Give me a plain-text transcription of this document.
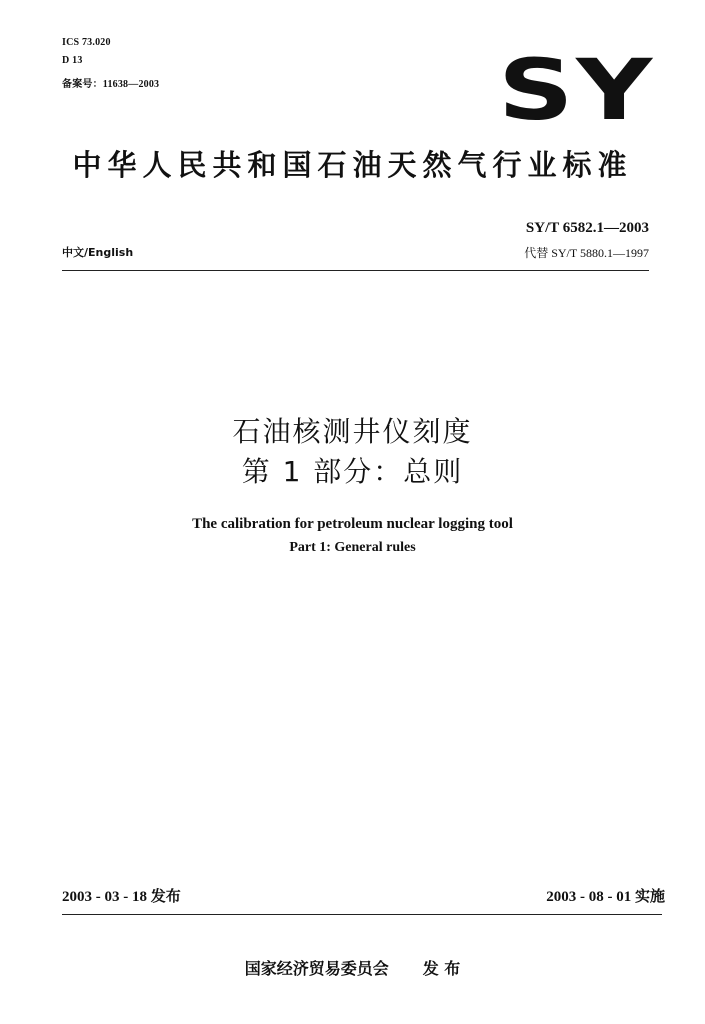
ICS 73.020
D 13
备案号：11638—2003	SY
中华人民共和国石油天然气行业标准
SY/T 6582.1—2003
中文/English	代替 SY/T 5880.1—1997
石油核测井仪刻度
第 1 部分：总则
The calibration for petroleum nuclear logging tool
Part 1: General rules
2003 - 03 - 18 发布	2003 - 08 - 01 实施
国家经济贸易委员会 发 布
